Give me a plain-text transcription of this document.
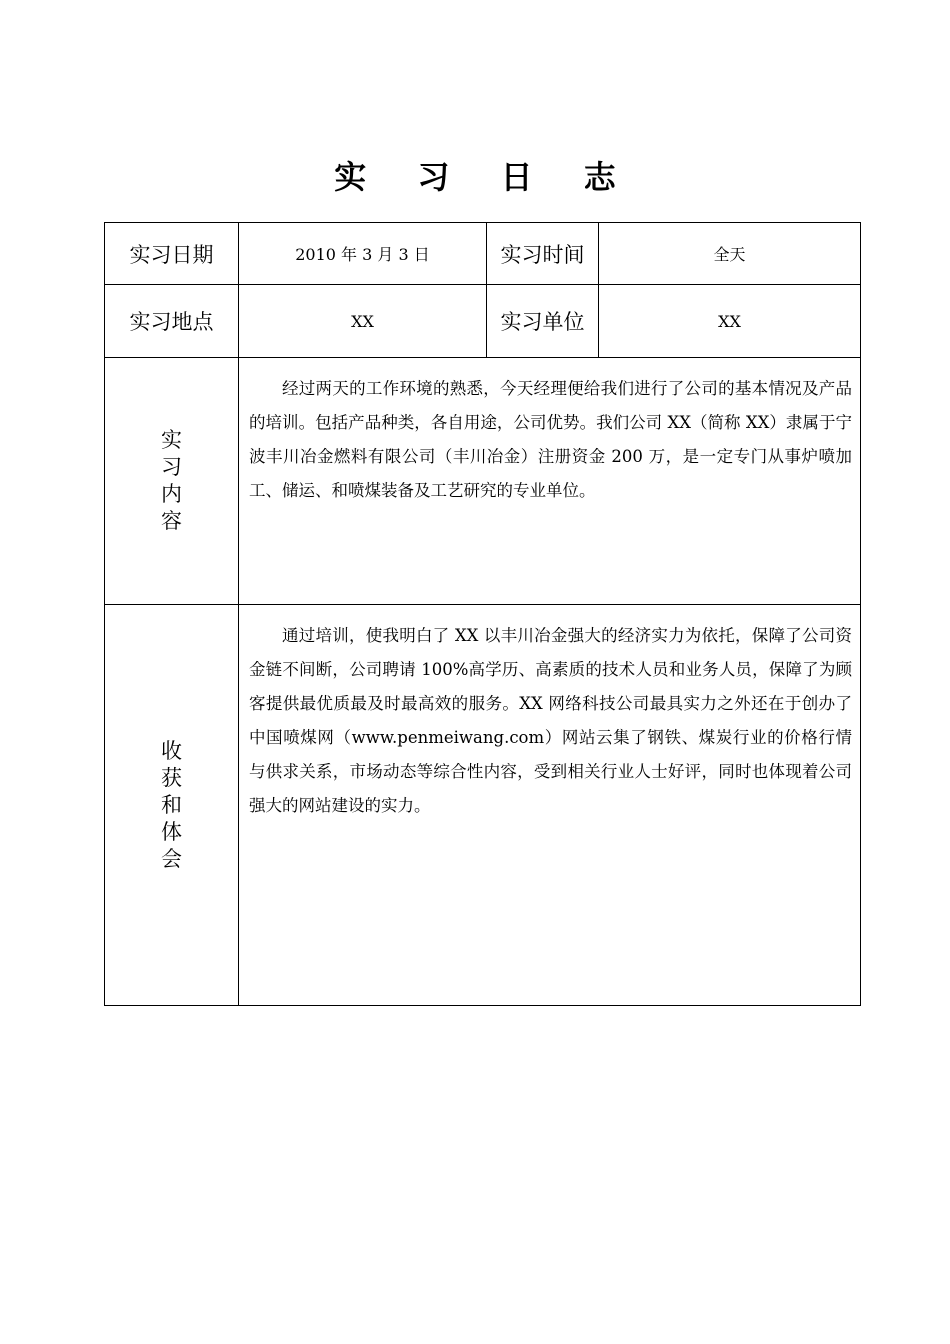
实 习 日 志
实习日期	2010 年 3 月 3 日	实习时间	全天
实习地点	XX	实习单位	XX

实
习
内
容	经过两天的工作环境的熟悉，今天经理便给我们进行了公司的基本情况及产品的培训。包括产品种类，各自用途，公司优势。我们公司 XX（简称 XX）隶属于宁波丰川冶金燃料有限公司（丰川冶金）注册资金 200 万，是一定专门从事炉喷加工、储运、和喷煤装备及工艺研究的专业单位。		

收
获
和
体
会	通过培训，使我明白了 XX 以丰川冶金强大的经济实力为依托，保障了公司资金链不间断，公司聘请 100%高学历、高素质的技术人员和业务人员，保障了为顾客提供最优质最及时最高效的服务。XX 网络科技公司最具实力之外还在于创办了中国喷煤网（www.penmeiwang.com）网站云集了钢铁、煤炭行业的价格行情与供求关系，市场动态等综合性内容，受到相关行业人士好评，同时也体现着公司强大的网站建设的实力。		
